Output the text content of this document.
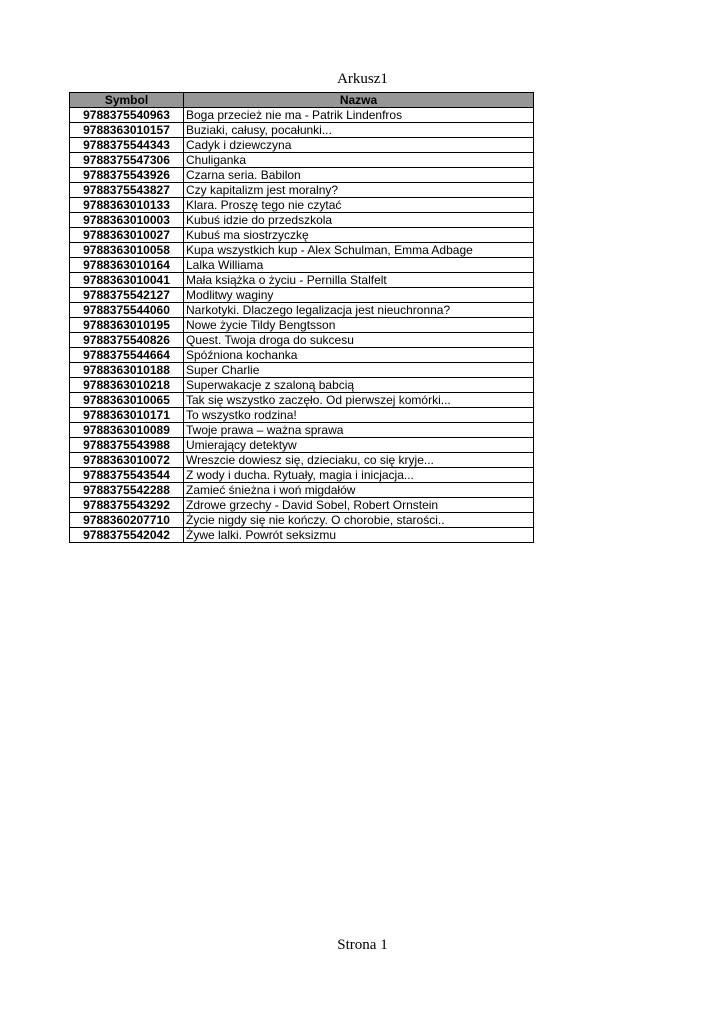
Arkusz1
Symbol	Nazwa
9788375540963	Boga przecież nie ma - Patrik Lindenfros
9788363010157	Buziaki, całusy, pocałunki...
9788375544343	Cadyk i dziewczyna
9788375547306	Chuliganka
9788375543926	Czarna seria. Babilon
9788375543827	Czy kapitalizm jest moralny?
9788363010133	Klara. Proszę tego nie czytać
9788363010003	Kubuś idzie do przedszkola
9788363010027	Kubuś ma siostrzyczkę
9788363010058	Kupa wszystkich kup - Alex Schulman, Emma Adbage
9788363010164	Lalka Williama
9788363010041	Mała książka o życiu - Pernilla Stalfelt
9788375542127	Modlitwy waginy
9788375544060	Narkotyki. Dlaczego legalizacja jest nieuchronna?
9788363010195	Nowe życie Tildy Bengtsson
9788375540826	Quest. Twoja droga do sukcesu
9788375544664	Spóźniona kochanka
9788363010188	Super Charlie
9788363010218	Superwakacje z szaloną babcią
9788363010065	Tak się wszystko zaczęło. Od pierwszej komórki...
9788363010171	To wszystko rodzina!
9788363010089	Twoje prawa – ważna sprawa
9788375543988	Umierający detektyw
9788363010072	Wreszcie dowiesz się, dzieciaku, co się kryje...
9788375543544	Z wody i ducha. Rytuały, magia i inicjacja...
9788375542288	Zamieć śnieżna i woń migdałów
9788375543292	Zdrowe grzechy - David Sobel, Robert Ornstein
9788360207710	Życie nigdy się nie kończy. O chorobie, starości..
9788375542042	Żywe lalki. Powrót seksizmu
Strona 1
